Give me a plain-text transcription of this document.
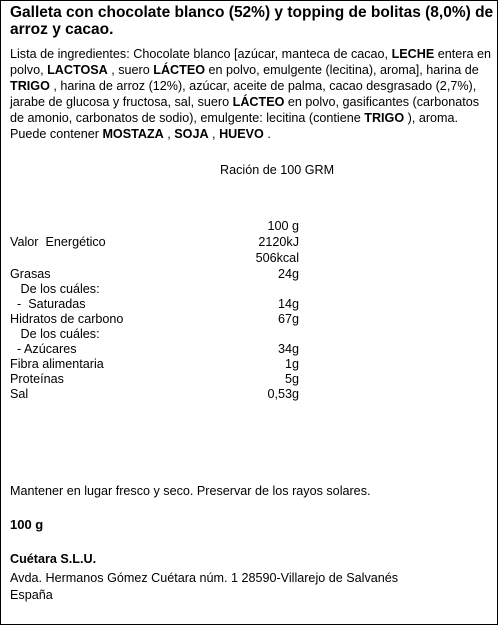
Galleta con chocolate blanco (52%) y topping de bolitas (8,0%) de arroz y cacao.
Lista de ingredientes: Chocolate blanco [azúcar, manteca de cacao, LECHE entera en polvo, LACTOSA , suero LÁCTEO en polvo, emulgente (lecitina), aroma], harina de TRIGO , harina de arroz (12%), azúcar, aceite de palma, cacao desgrasado (2,7%), jarabe de glucosa y fructosa, sal, suero LÁCTEO en polvo, gasificantes (carbonatos de amonio, carbonatos de sodio), emulgente: lecitina (contiene TRIGO ), aroma. Puede contener MOSTAZA , SOJA , HUEVO .
Ración de 100 GRM
100 g
Valor  Energético	2120kJ
506kcal
Grasas	24g
De los cuáles:
-  Saturadas	14g
Hidratos de carbono	67g
De los cuáles:
- Azúcares	34g
Fibra alimentaria	1g
Proteínas	5g
Sal	0,53g
Mantener en lugar fresco y seco. Preservar de los rayos solares.
100 g
Cuétara S.L.U.
Avda. Hermanos Gómez Cuétara núm. 1 28590-Villarejo de Salvanés
España
